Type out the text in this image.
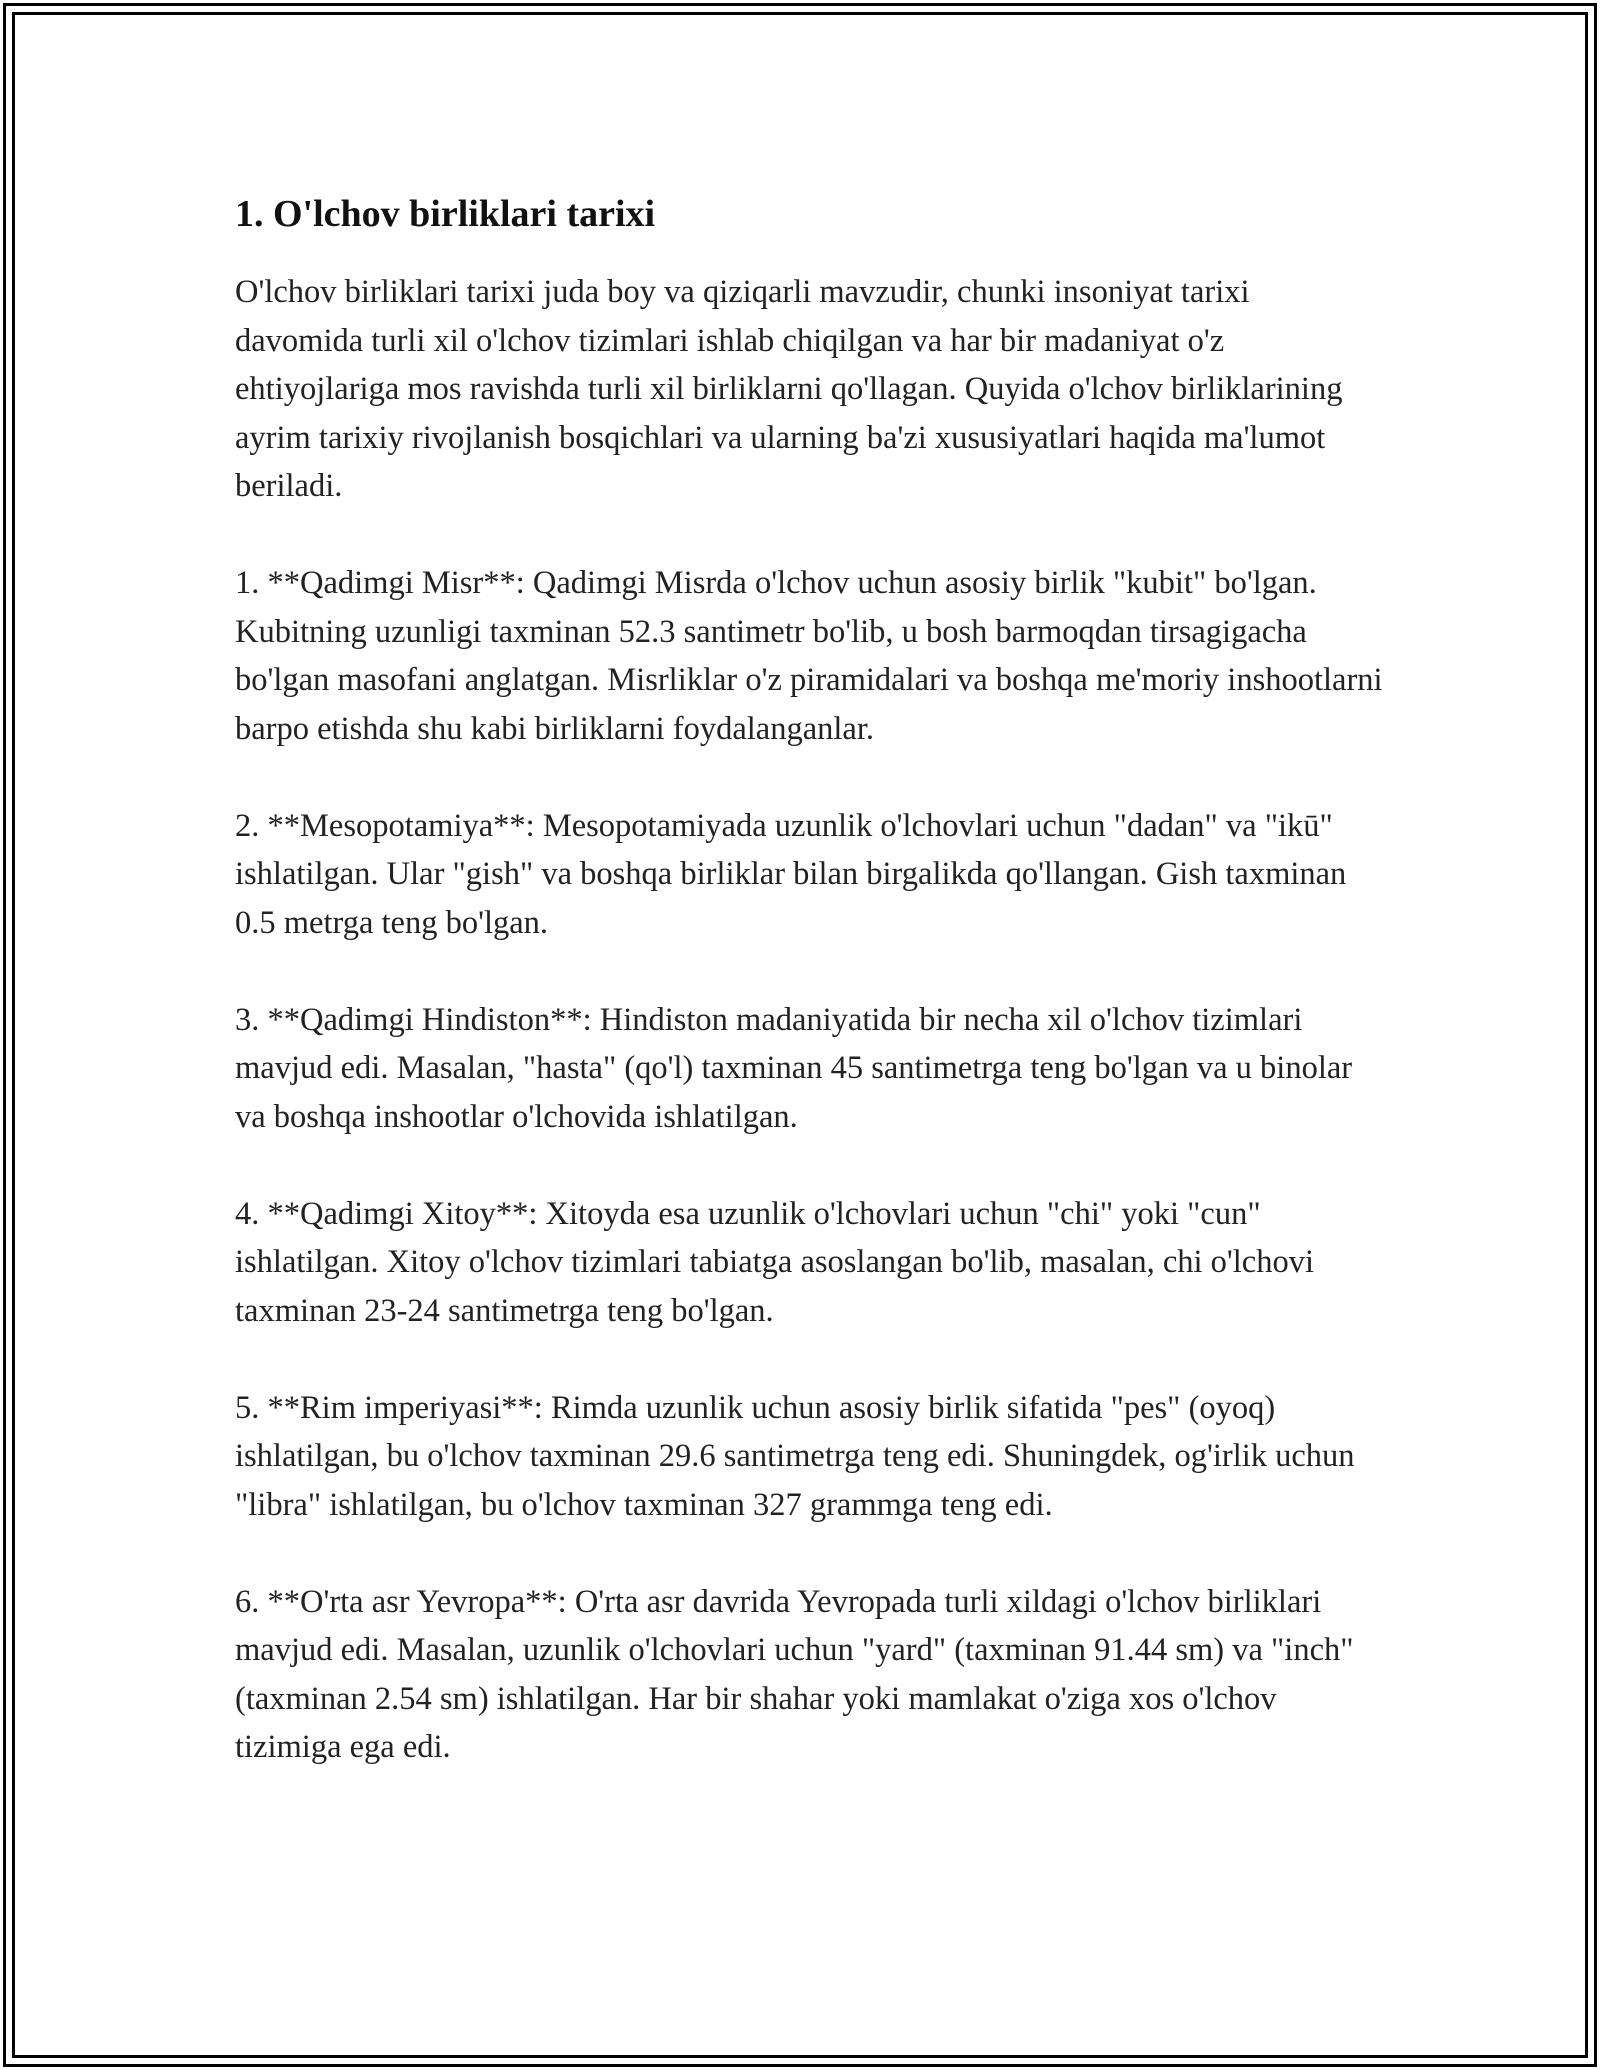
1. O'lchov birliklari tarixi

O'lchov birliklari tarixi juda boy va qiziqarli mavzudir, chunki insoniyat tarixi davomida turli xil o'lchov tizimlari ishlab chiqilgan va har bir madaniyat o'z ehtiyojlariga mos ravishda turli xil birliklarni qo'llagan. Quyida o'lchov birliklarining ayrim tarixiy rivojlanish bosqichlari va ularning ba'zi xususiyatlari haqida ma'lumot beriladi.

1. **Qadimgi Misr**: Qadimgi Misrda o'lchov uchun asosiy birlik "kubit" bo'lgan. Kubitning uzunligi taxminan 52.3 santimetr bo'lib, u bosh barmoqdan tirsagigacha bo'lgan masofani anglatgan. Misrliklar o'z piramidalari va boshqa me'moriy inshootlarni barpo etishda shu kabi birliklarni foydalanganlar.

2. **Mesopotamiya**: Mesopotamiyada uzunlik o'lchovlari uchun "dadan" va "ikū" ishlatilgan. Ular "gish" va boshqa birliklar bilan birgalikda qo'llangan. Gish taxminan 0.5 metrga teng bo'lgan.

3. **Qadimgi Hindiston**: Hindiston madaniyatida bir necha xil o'lchov tizimlari mavjud edi. Masalan, "hasta" (qo'l) taxminan 45 santimetrga teng bo'lgan va u binolar va boshqa inshootlar o'lchovida ishlatilgan.

4. **Qadimgi Xitoy**: Xitoyda esa uzunlik o'lchovlari uchun "chi" yoki "cun" ishlatilgan. Xitoy o'lchov tizimlari tabiatga asoslangan bo'lib, masalan, chi o'lchovi taxminan 23-24 santimetrga teng bo'lgan.

5. **Rim imperiyasi**: Rimda uzunlik uchun asosiy birlik sifatida "pes" (oyoq) ishlatilgan, bu o'lchov taxminan 29.6 santimetrga teng edi. Shuningdek, og'irlik uchun "libra" ishlatilgan, bu o'lchov taxminan 327 grammga teng edi.

6. **O'rta asr Yevropa**: O'rta asr davrida Yevropada turli xildagi o'lchov birliklari mavjud edi. Masalan, uzunlik o'lchovlari uchun "yard" (taxminan 91.44 sm) va "inch" (taxminan 2.54 sm) ishlatilgan. Har bir shahar yoki mamlakat o'ziga xos o'lchov tizimiga ega edi.
